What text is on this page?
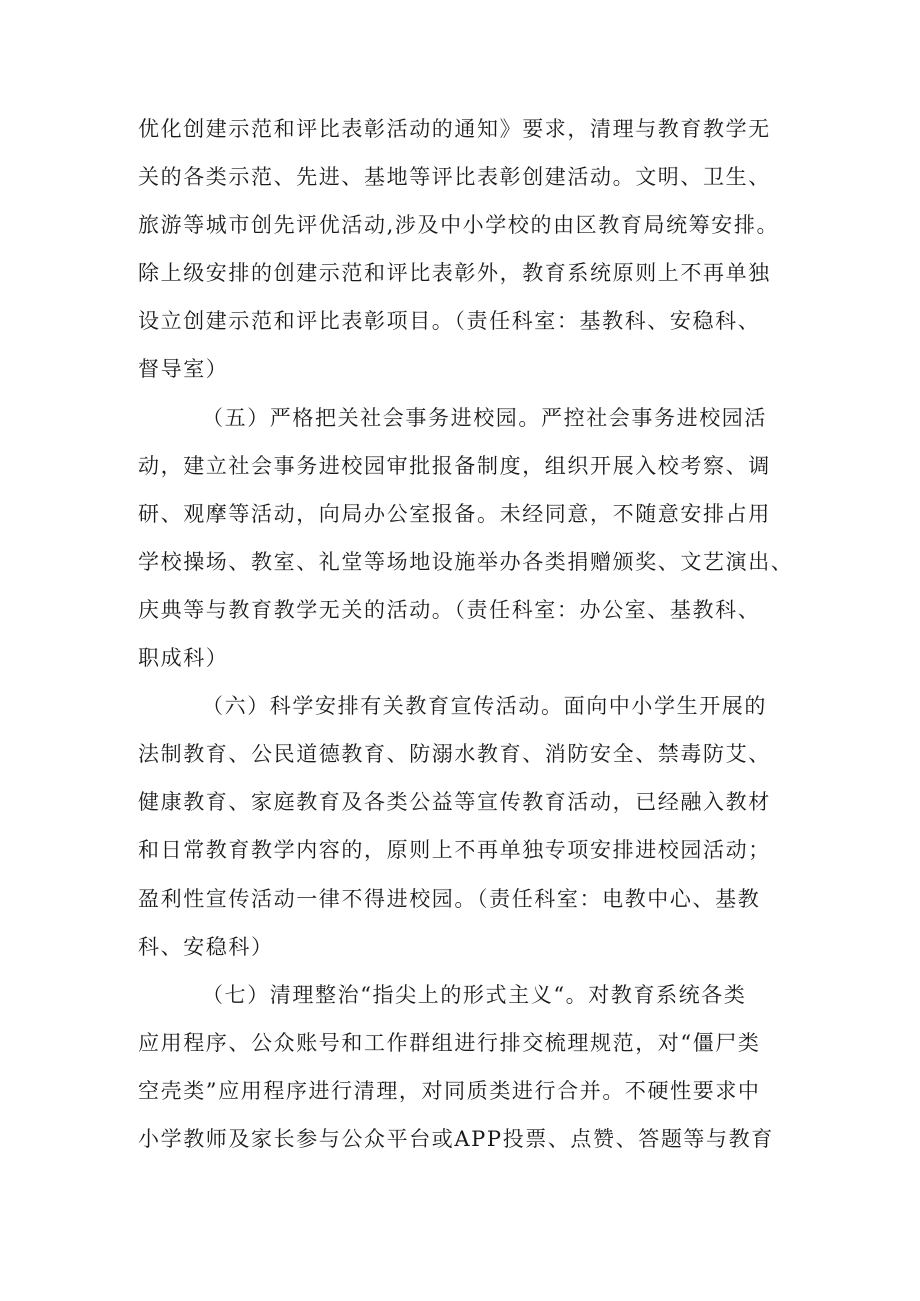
优化创建示范和评比表彰活动的通知》要求，清理与教育教学无
关的各类示范、先进、基地等评比表彰创建活动。文明、卫生、
旅游等城市创先评优活动,涉及中小学校的由区教育局统筹安排。
除上级安排的创建示范和评比表彰外，教育系统原则上不再单独
设立创建示范和评比表彰项目。（责任科室：基教科、安稳科、
督导室）
（五）严格把关社会事务进校园。严控社会事务进校园活
动，建立社会事务进校园审批报备制度，组织开展入校考察、调
研、观摩等活动，向局办公室报备。未经同意，不随意安排占用
学校操场、教室、礼堂等场地设施举办各类捐赠颁奖、文艺演出、
庆典等与教育教学无关的活动。（责任科室：办公室、基教科、
职成科）
（六）科学安排有关教育宣传活动。面向中小学生开展的
法制教育、公民道德教育、防溺水教育、消防安全、禁毒防艾、
健康教育、家庭教育及各类公益等宣传教育活动，已经融入教材
和日常教育教学内容的，原则上不再单独专项安排进校园活动；
盈利性宣传活动一律不得进校园。（责任科室：电教中心、基教
科、安稳科）
（七）清理整治“指尖上的形式主义“。对教育系统各类
应用程序、公众账号和工作群组进行排交梳理规范，对“僵尸类
空壳类”应用程序进行清理，对同质类进行合并。不硬性要求中
小学教师及家长参与公众平台或APP投票、点赞、答题等与教育
